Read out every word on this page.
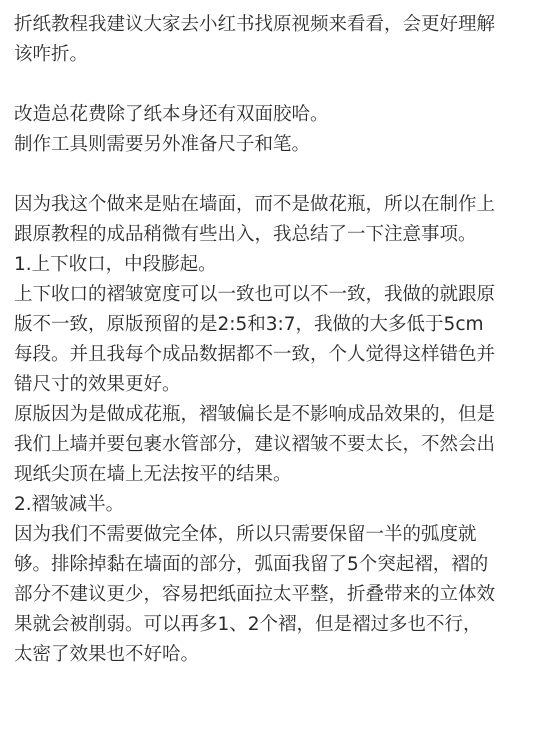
折纸教程我建议大家去小红书找原视频来看看，会更好理解
该咋折。

改造总花费除了纸本身还有双面胶哈。
制作工具则需要另外准备尺子和笔。

因为我这个做来是贴在墙面，而不是做花瓶，所以在制作上
跟原教程的成品稍微有些出入，我总结了一下注意事项。
1.上下收口，中段膨起。
上下收口的褶皱宽度可以一致也可以不一致，我做的就跟原
版不一致，原版预留的是2:5和3:7，我做的大多低于5cm
每段。并且我每个成品数据都不一致，个人觉得这样错色并
错尺寸的效果更好。
原版因为是做成花瓶，褶皱偏长是不影响成品效果的，但是
我们上墙并要包裹水管部分，建议褶皱不要太长，不然会出
现纸尖顶在墙上无法按平的结果。
2.褶皱减半。
因为我们不需要做完全体，所以只需要保留一半的弧度就
够。排除掉黏在墙面的部分，弧面我留了5个突起褶，褶的
部分不建议更少，容易把纸面拉太平整，折叠带来的立体效
果就会被削弱。可以再多1、2个褶，但是褶过多也不行，
太密了效果也不好哈。
